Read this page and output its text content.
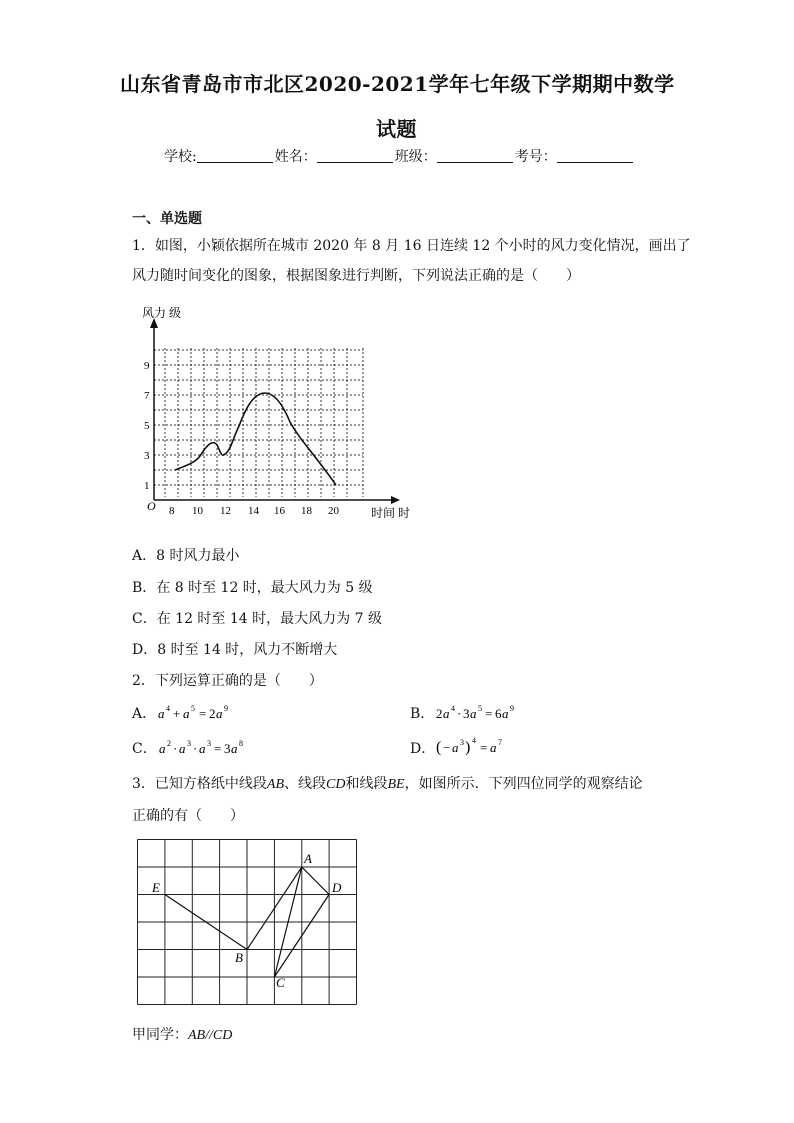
山东省青岛市市北区2020-2021学年七年级下学期期中数学
试题
学校:	姓名：	班级：	考号：
一、单选题
1．如图，小颖依据所在城市 2020 年 8 月 16 日连续 12 个小时的风力变化情况，画出了
风力随时间变化的图象，根据图象进行判断，下列说法正确的是（　　）
风力 级
O	时间 时
8 10 12 14 16 18 20
1
3
5
7
9
A．8 时风力最小
B．在 8 时至 12 时，最大风力为 5 级
C．在 12 时至 14 时，最大风力为 7 级
D．8 时至 14 时，风力不断增大
2．下列运算正确的是（　　）
A． a 4 + a 5 = 2 a 9	B． 2 a 4 · 3 a 5 = 6 a 9
C． a 2 · a 3 · a 3 = 3 a 8	D． ( − a 3 ) 4 = a 7
3．已知方格纸中线段AB、线段CD和线段BE，如图所示．下列四位同学的观察结论
正确的有（　　）
A
D
E
B
C
甲同学：AB//CD
